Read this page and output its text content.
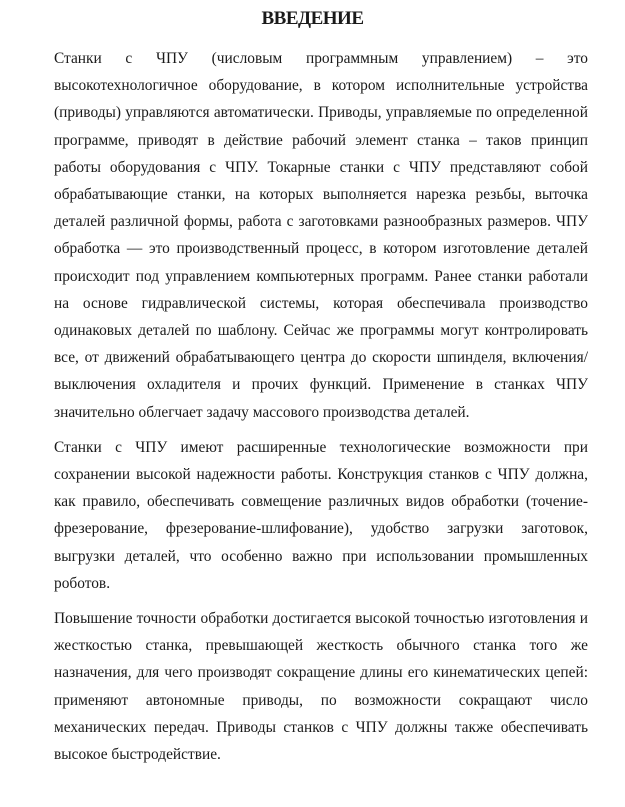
ВВЕДЕНИЕ

Станки с ЧПУ (числовым программным управлением) – это высокотехнологичное оборудование, в котором исполнительные устройства (приводы) управляются автоматически. Приводы, управляемые по определенной программе, приводят в действие рабочий элемент станка – таков принцип работы оборудования с ЧПУ. Токарные станки с ЧПУ представляют собой обрабатывающие станки, на которых выполняется нарезка резьбы, выточка деталей различной формы, работа с заготовками разнообразных размеров. ЧПУ обработка — это производственный процесс, в котором изготовление деталей происходит под управлением компьютерных программ. Ранее станки работали на основе гидравлической системы, которая обеспечивала производство одинаковых деталей по шаблону. Сейчас же программы могут контролировать все, от движений обрабатывающего центра до скорости шпинделя, включения/выключения охладителя и прочих функций. Применение в станках ЧПУ значительно облегчает задачу массового производства деталей.

Станки с ЧПУ имеют расширенные технологические возможности при сохранении высокой надежности работы. Конструкция станков с ЧПУ должна, как правило, обеспечивать совмещение различных видов обработки (точение-фрезерование, фрезерование-шлифование), удобство загрузки заготовок, выгрузки деталей, что особенно важно при использовании промышленных роботов.

Повышение точности обработки достигается высокой точностью изготовления и жесткостью станка, превышающей жесткость обычного станка того же назначения, для чего производят сокращение длины его кинематических цепей: применяют автономные приводы, по возможности сокращают число механических передач. Приводы станков с ЧПУ должны также обеспечивать высокое быстродействие.
